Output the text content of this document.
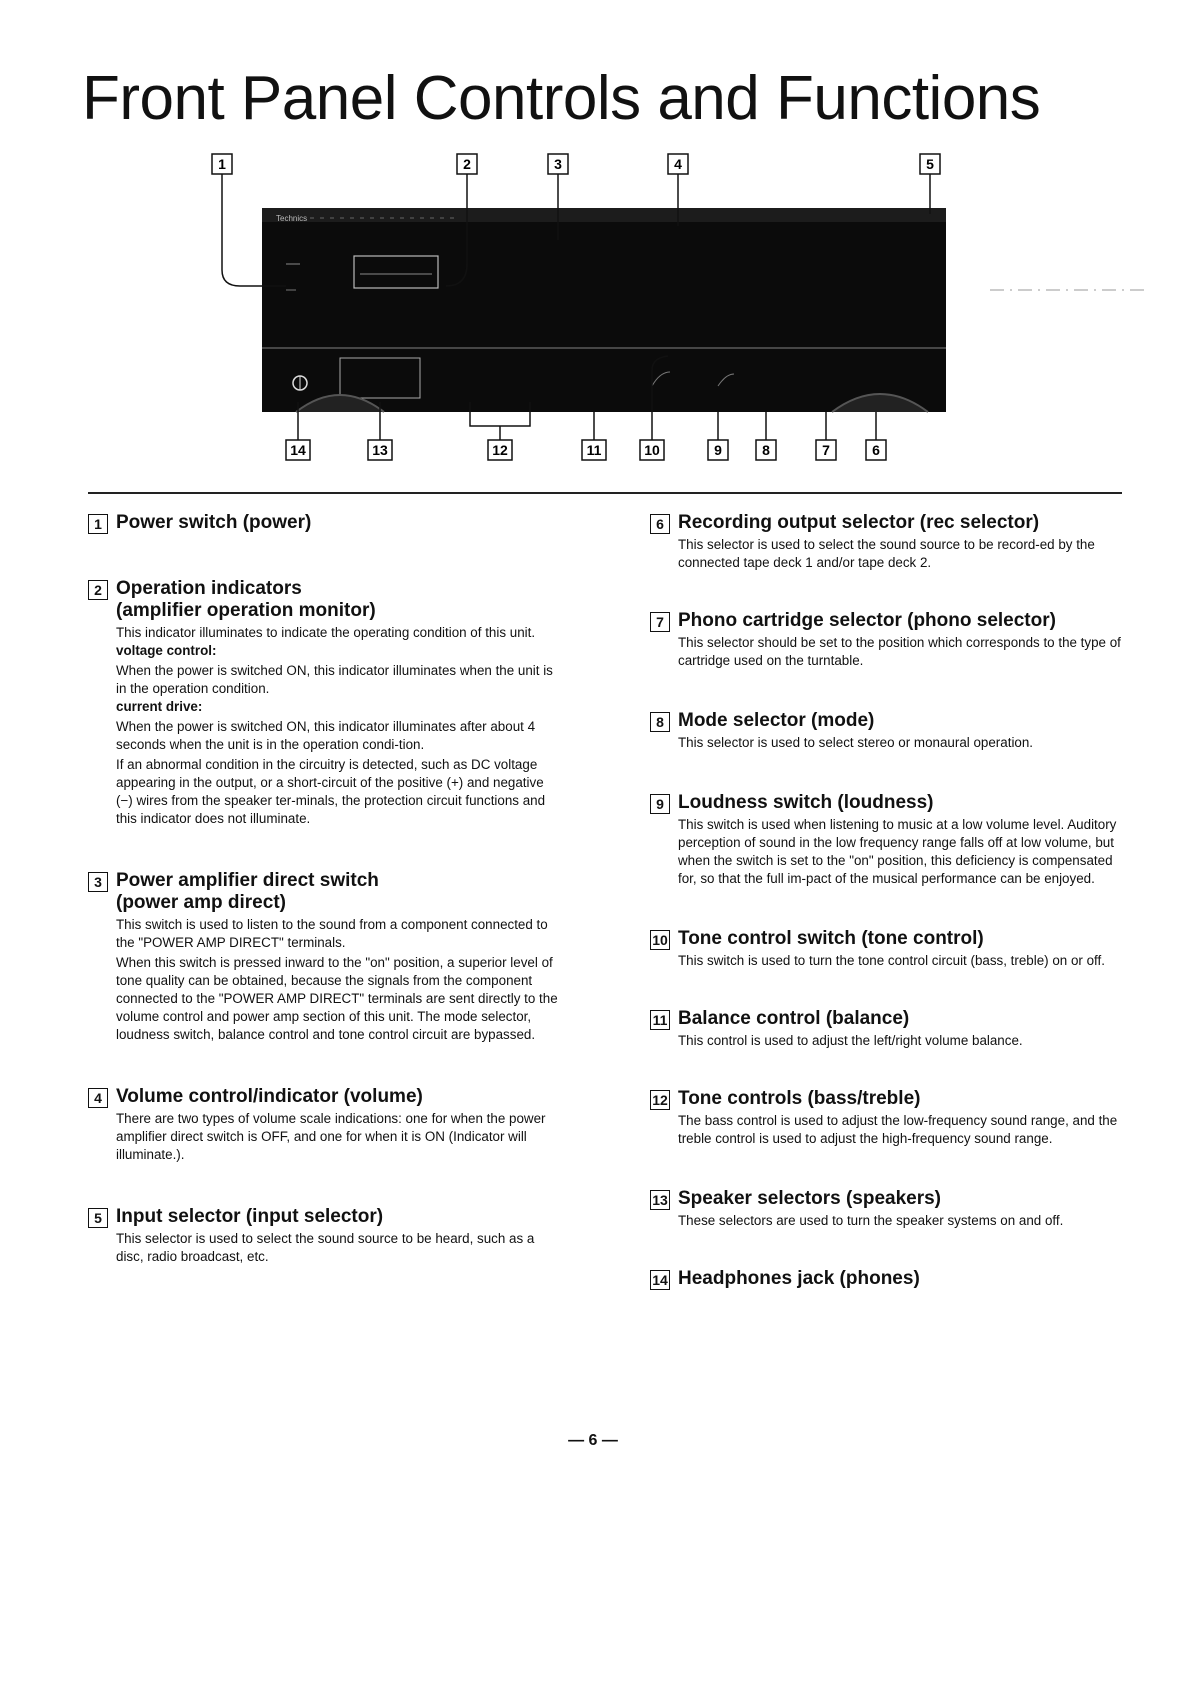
Front Panel Controls and Functions
Technics
1	2	3	4	5
14	13	12	11	10	9	8	7	6
1 Power switch (power)
2 Operation indicators
(amplifier operation monitor)

This indicator illuminates to indicate the operating condition of this unit.

voltage control:

When the power is switched ON, this indicator illuminates when the unit is in the operation condition.

current drive:

When the power is switched ON, this indicator illuminates after about 4 seconds when the unit is in the operation condi-tion.

If an abnormal condition in the circuitry is detected, such as DC voltage appearing in the output, or a short-circuit of the positive (+) and negative (−) wires from the speaker ter-minals, the protection circuit functions and this indicator does not illuminate.

3 Power amplifier direct switch
(power amp direct)

This switch is used to listen to the sound from a component connected to the "POWER AMP DIRECT" terminals.

When this switch is pressed inward to the "on" position, a superior level of tone quality can be obtained, because the signals from the component connected to the "POWER AMP DIRECT" terminals are sent directly to the volume control and power amp section of this unit. The mode selector, loudness switch, balance control and tone control circuit are bypassed.

4 Volume control/indicator (volume)

There are two types of volume scale indications: one for when the power amplifier direct switch is OFF, and one for when it is ON (Indicator will illuminate.).

5 Input selector (input selector)

This selector is used to select the sound source to be heard, such as a disc, radio broadcast, etc.

6 Recording output selector (rec selector)

This selector is used to select the sound source to be record-ed by the connected tape deck 1 and/or tape deck 2.

7 Phono cartridge selector (phono selector)

This selector should be set to the position which corresponds to the type of cartridge used on the turntable.

8 Mode selector (mode)

This selector is used to select stereo or monaural operation.

9 Loudness switch (loudness)

This switch is used when listening to music at a low volume level. Auditory perception of sound in the low frequency range falls off at low volume, but when the switch is set to the "on" position, this deficiency is compensated for, so that the full im-pact of the musical performance can be enjoyed.

10 Tone control switch (tone control)

This switch is used to turn the tone control circuit (bass, treble) on or off.

11 Balance control (balance)

This control is used to adjust the left/right volume balance.

12 Tone controls (bass/treble)

The bass control is used to adjust the low-frequency sound range, and the treble control is used to adjust the high-frequency sound range.

13 Speaker selectors (speakers)

These selectors are used to turn the speaker systems on and off.

14 Headphones jack (phones)
— 6 —
